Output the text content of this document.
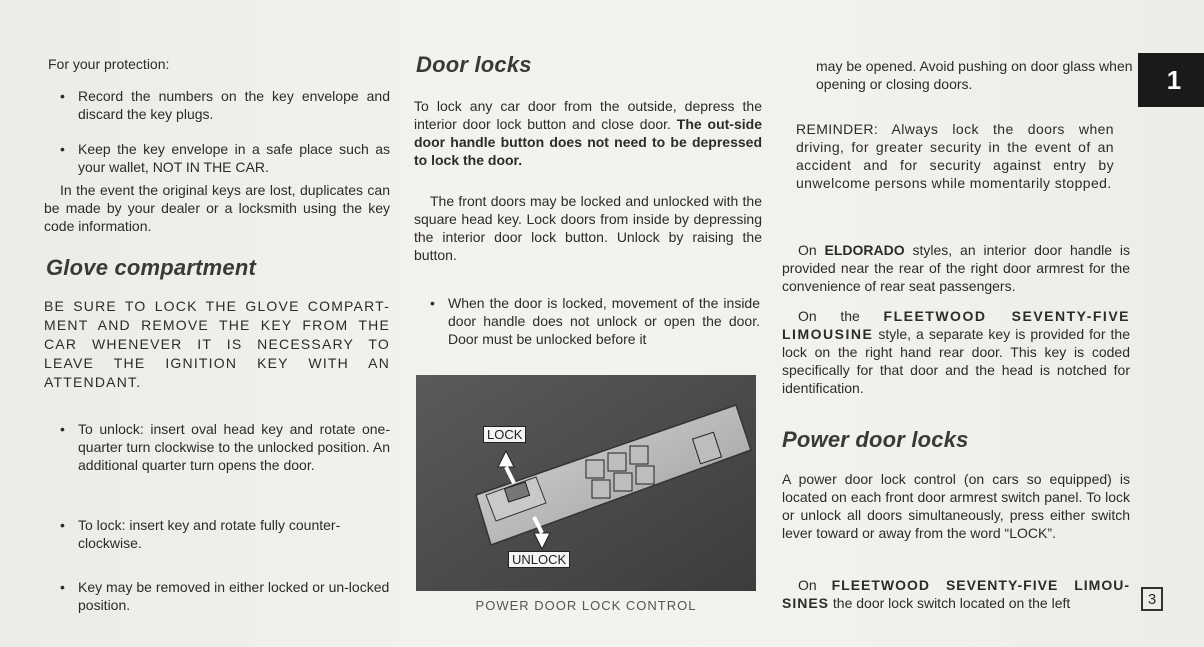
For your protection:

• Record the numbers on the key envelope and discard the key plugs.

• Keep the key envelope in a safe place such as your wallet, NOT IN THE CAR.

In the event the original keys are lost, duplicates can be made by your dealer or a locksmith using the key code information.

Glove compartment

BE SURE TO LOCK THE GLOVE COMPART-MENT AND REMOVE THE KEY FROM THE CAR WHENEVER IT IS NECESSARY TO LEAVE THE IGNITION KEY WITH AN ATTENDANT.

• To unlock: insert oval head key and rotate one-quarter turn clockwise to the unlocked position. An additional quarter turn opens the door.

• To lock: insert key and rotate fully counter-clockwise.

• Key may be removed in either locked or un-locked position.

Door locks

To lock any car door from the outside, depress the interior door lock button and close door. The out-side door handle button does not need to be depressed to lock the door.

The front doors may be locked and unlocked with the square head key. Lock doors from inside by depressing the interior door lock button. Unlock by raising the button.

• When the door is locked, movement of the inside door handle does not unlock or open the door. Door must be unlocked before it

LOCK
UNLOCK
POWER DOOR LOCK CONTROL

may be opened. Avoid pushing on door glass when opening or closing doors.

REMINDER: Always lock the doors when driving, for greater security in the event of an accident and for security against entry by unwelcome persons while momentarily stopped.

On ELDORADO styles, an interior door handle is provided near the rear of the right door armrest for the convenience of rear seat passengers.

On the FLEETWOOD SEVENTY-FIVE LIMOUSINE style, a separate key is provided for the lock on the right hand rear door. This key is coded specifically for that door and the head is notched for identification.

Power door locks

A power door lock control (on cars so equipped) is located on each front door armrest switch panel. To lock or unlock all doors simultaneously, press either switch lever toward or away from the word “LOCK”.

On FLEETWOOD SEVENTY-FIVE LIMOU-SINES the door lock switch located on the left

1
3
